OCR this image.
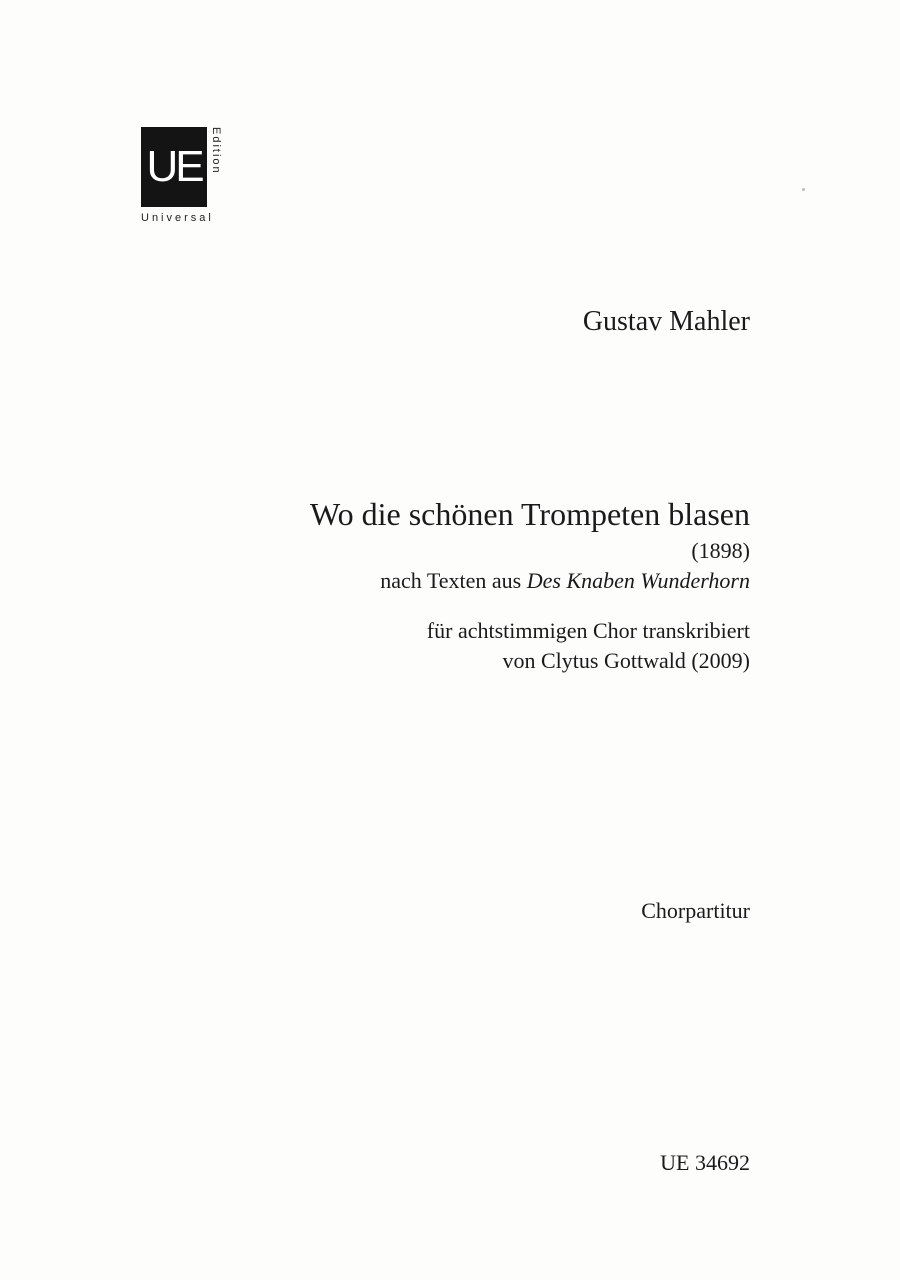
UE Edition
Universal
Gustav Mahler
Wo die schönen Trompeten blasen
(1898)
nach Texten aus Des Knaben Wunderhorn
für achtstimmigen Chor transkribiert
von Clytus Gottwald (2009)
Chorpartitur
UE 34692
